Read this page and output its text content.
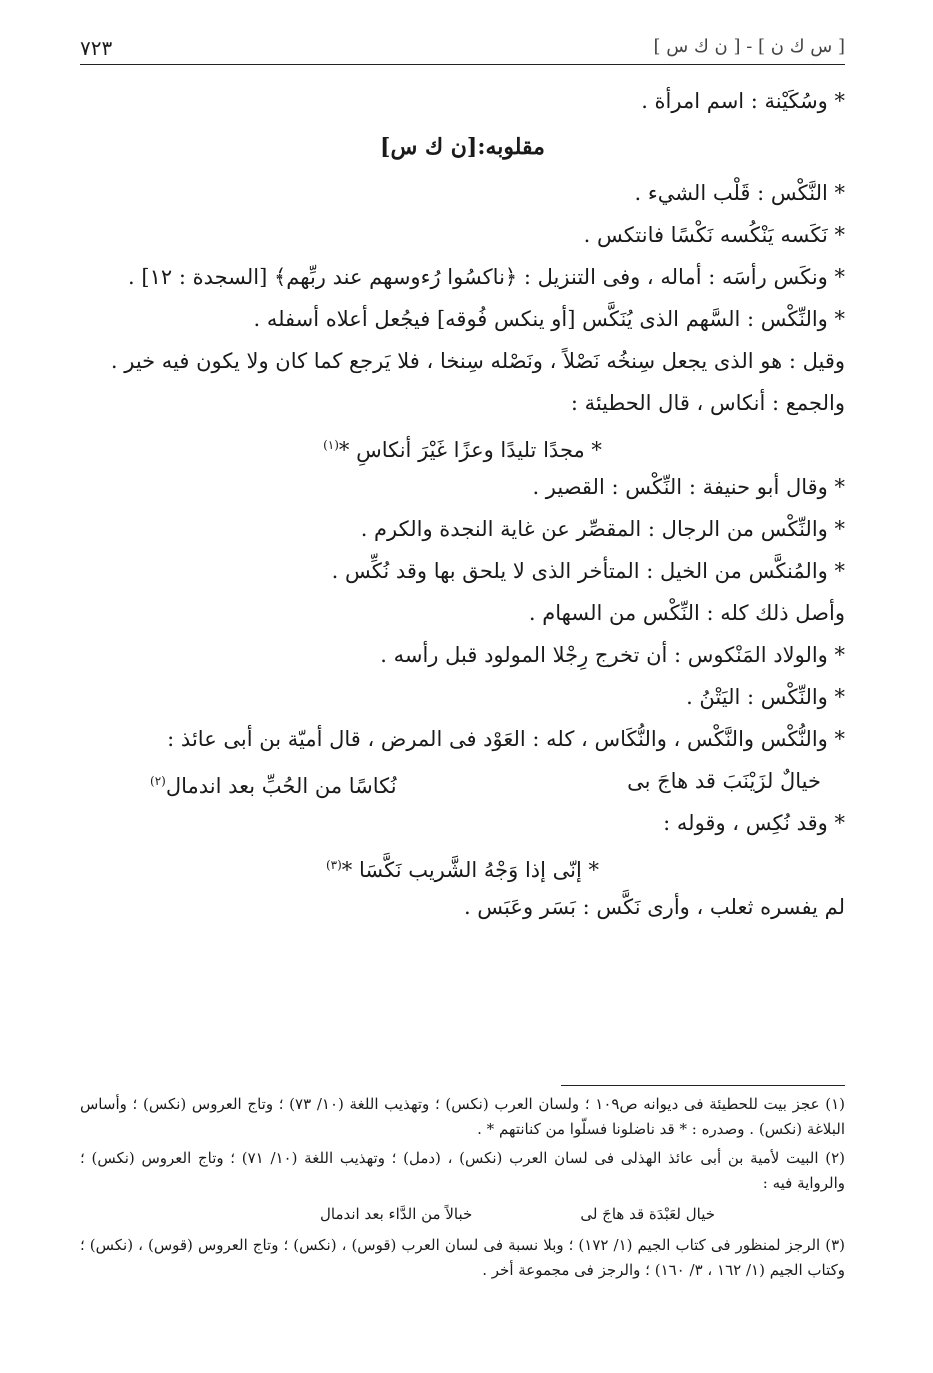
٧٢٣	[ س ك ن ] - [ ن ك س ]

* وسُكَيْنة : اسم امرأة .

مقلوبه:[ن ك س]

* النَّكْس : قَلْب الشيء .

* نَكَسه يَنْكُسه نَكْسًا فانتكس .

* ونكَس رأسَه : أماله ، وفى التنزيل : ﴿ناكسُوا رُءوسهم عند ربِّهم﴾ [السجدة : ١٢] .

* والنِّكْس : السَّهم الذى يُنَكَّس [أو ينكس فُوقه] فيجُعل أعلاه أسفله .

وقيل : هو الذى يجعل سِنخُه نَصْلاً ، ونَصْله سِنخا ، فلا يَرجع كما كان ولا يكون فيه خير .

والجمع : أنكاس ، قال الحطيئة :

* مجدًا تليدًا وعزًا غَيْرَ أنكاسِ *$^{(١)}$

* وقال أبو حنيفة : النِّكْس : القصير .

* والنِّكْس من الرجال : المقصِّر عن غاية النجدة والكرم .

* والمُنكَّس من الخيل : المتأخر الذى لا يلحق بها وقد نُكِّس .

وأصل ذلك كله : النِّكْس من السهام .

* والولاد المَنْكوس : أن تخرج رِجْلا المولود قبل رأسه .

* والنِّكْس : اليَتْنُ .

* والنُّكْس والنَّكْس ، والنُّكَاس ، كله : العَوْد فى المرض ، قال أميّة بن أبى عائذ :

خيالٌ لزَيْنَبَ قد هاجَ بى
نُكاسًا من الحُبِّ بعد اندمال$^{(٢)}$

* وقد نُكِس ، وقوله :

* إنّى إذا وَجْهُ الشَّريب نَكَّسَا *$^{(٣)}$

لم يفسره ثعلب ، وأرى نَكَّس : بَسَر وعَبَس .

(١) عجز بيت للحطيئة فى ديوانه ص١٠٩ ؛ ولسان العرب (نكس) ؛ وتهذيب اللغة (١٠/ ٧٣) ؛ وتاج العروس (نكس) ؛ وأساس البلاغة (نكس) . وصدره : * قد ناضلونا فسلّوا من كنانتهم * .

(٢) البيت لأمية بن أبى عائذ الهذلى فى لسان العرب (نكس) ، (دمل) ؛ وتهذيب اللغة (١٠/ ٧١) ؛ وتاج العروس (نكس) ؛ والرواية فيه :

خيال لعَبْدَة قد هاجَ لى
خبالاً من الدَّاء بعد اندمال

(٣) الرجز لمنظور فى كتاب الجيم (١/ ١٧٢) ؛ وبلا نسبة فى لسان العرب (قوس) ، (نكس) ؛ وتاج العروس (قوس) ، (نكس) ؛ وكتاب الجيم (١/ ١٦٢ ، ٣/ ١٦٠) ؛ والرجز فى مجموعة أخر .
